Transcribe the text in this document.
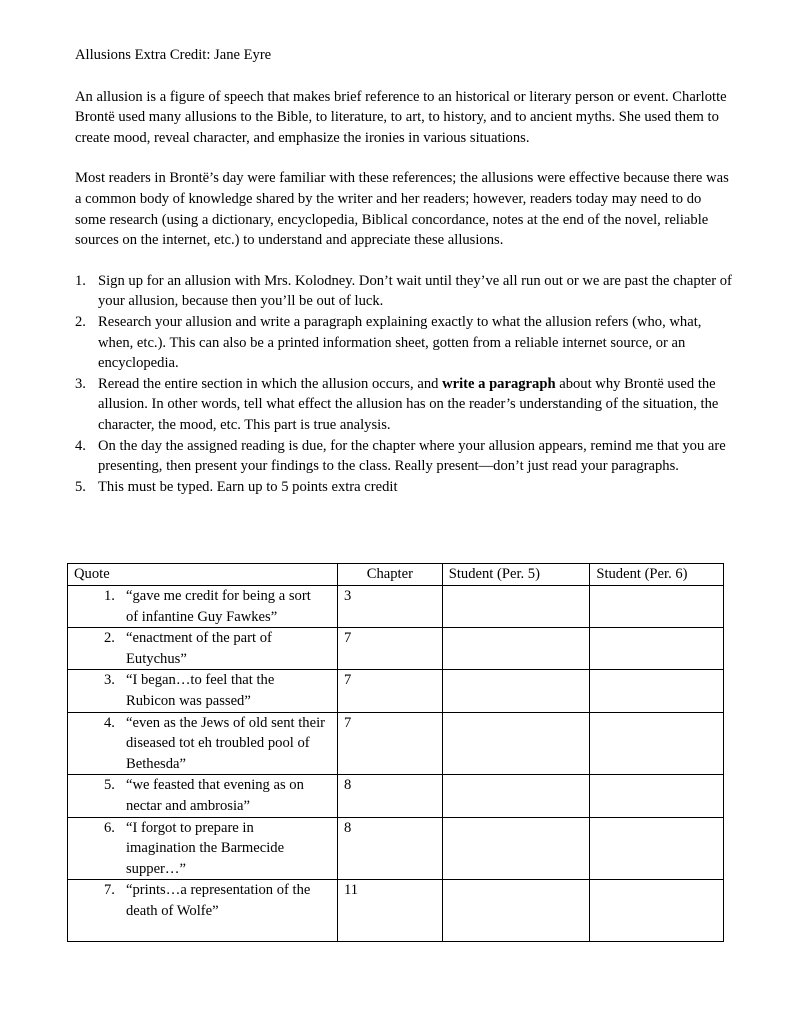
Allusions Extra Credit: Jane Eyre

An allusion is a figure of speech that makes brief reference to an historical or literary person or event. Charlotte Brontë used many allusions to the Bible, to literature, to art, to history, and to ancient myths. She used them to create mood, reveal character, and emphasize the ironies in various situations.

Most readers in Brontë’s day were familiar with these references; the allusions were effective because there was a common body of knowledge shared by the writer and her readers; however, readers today may need to do some research (using a dictionary, encyclopedia, Biblical concordance, notes at the end of the novel, reliable sources on the internet, etc.) to understand and appreciate these allusions.

1. Sign up for an allusion with Mrs. Kolodney. Don’t wait until they’ve all run out or we are past the chapter of your allusion, because then you’ll be out of luck.
2. Research your allusion and write a paragraph explaining exactly to what the allusion refers (who, what, when, etc.). This can also be a printed information sheet, gotten from a reliable internet source, or an encyclopedia.
3. Reread the entire section in which the allusion occurs, and write a paragraph about why Brontë used the allusion. In other words, tell what effect the allusion has on the reader’s understanding of the situation, the character, the mood, etc. This part is true analysis.
4. On the day the assigned reading is due, for the chapter where your allusion appears, remind me that you are presenting, then present your findings to the class. Really present—don’t just read your paragraphs.
5. This must be typed. Earn up to 5 points extra credit
Quote	Chapter	Student (Per. 5)	Student (Per. 6)

1. “gave me credit for being a sort of infantine Guy Fawkes”	3		

2. “enactment of the part of Eutychus”	7		

3. “I began…to feel that the Rubicon was passed”	7		

4. “even as the Jews of old sent their diseased tot eh troubled pool of Bethesda”	7		

5. “we feasted that evening as on nectar and ambrosia”	8		

6. “I forgot to prepare in imagination the Barmecide supper…”	8		

7. “prints…a representation of the death of Wolfe”	11		
